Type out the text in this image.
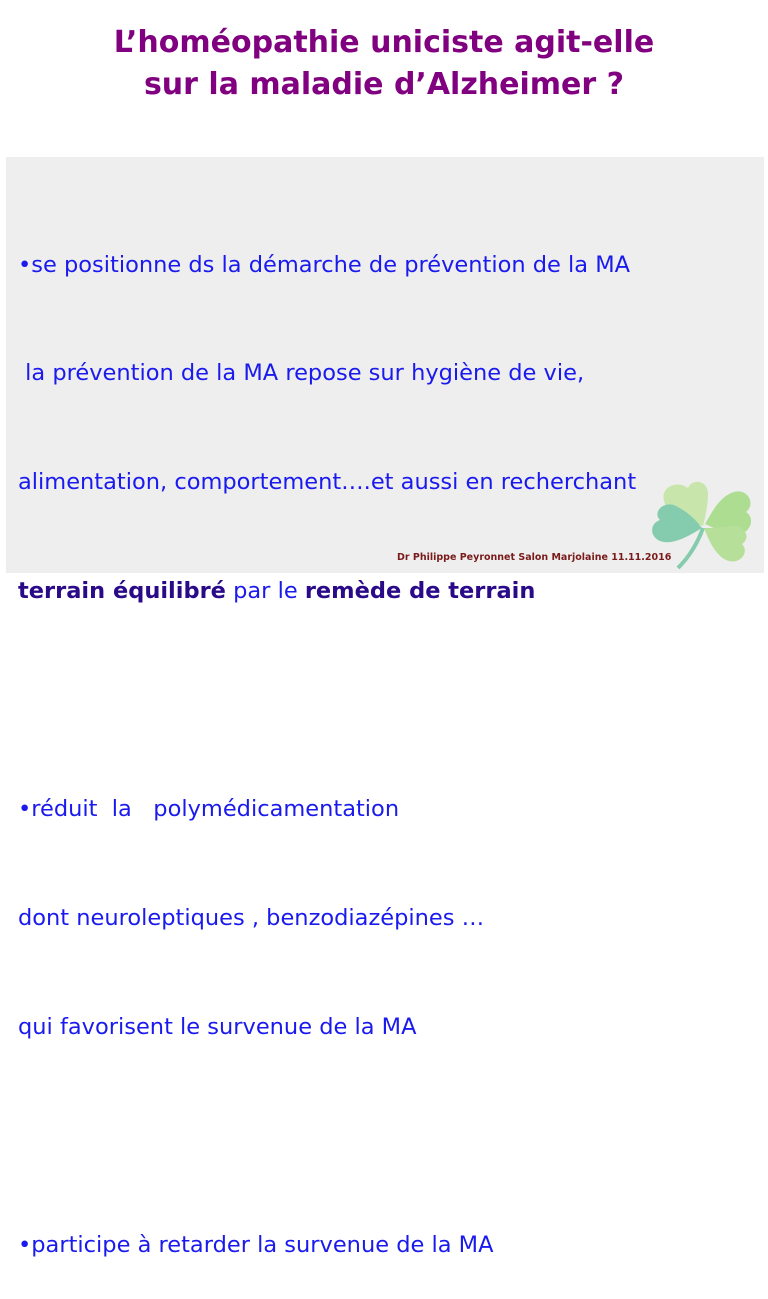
L’homéopathie uniciste agit-elle
sur la maladie d’Alzheimer ?

•se positionne ds la démarche de prévention de la MA

la prévention de la MA repose sur hygiène de vie,

alimentation, comportement….et aussi en recherchant

terrain équilibré par le remède de terrain

•réduit  la   polymédicamentation

dont neuroleptiques , benzodiazépines …

qui favorisent le survenue de la MA

•participe à retarder la survenue de la MA

Dr Philippe Peyronnet Salon Marjolaine 11.11.2016
